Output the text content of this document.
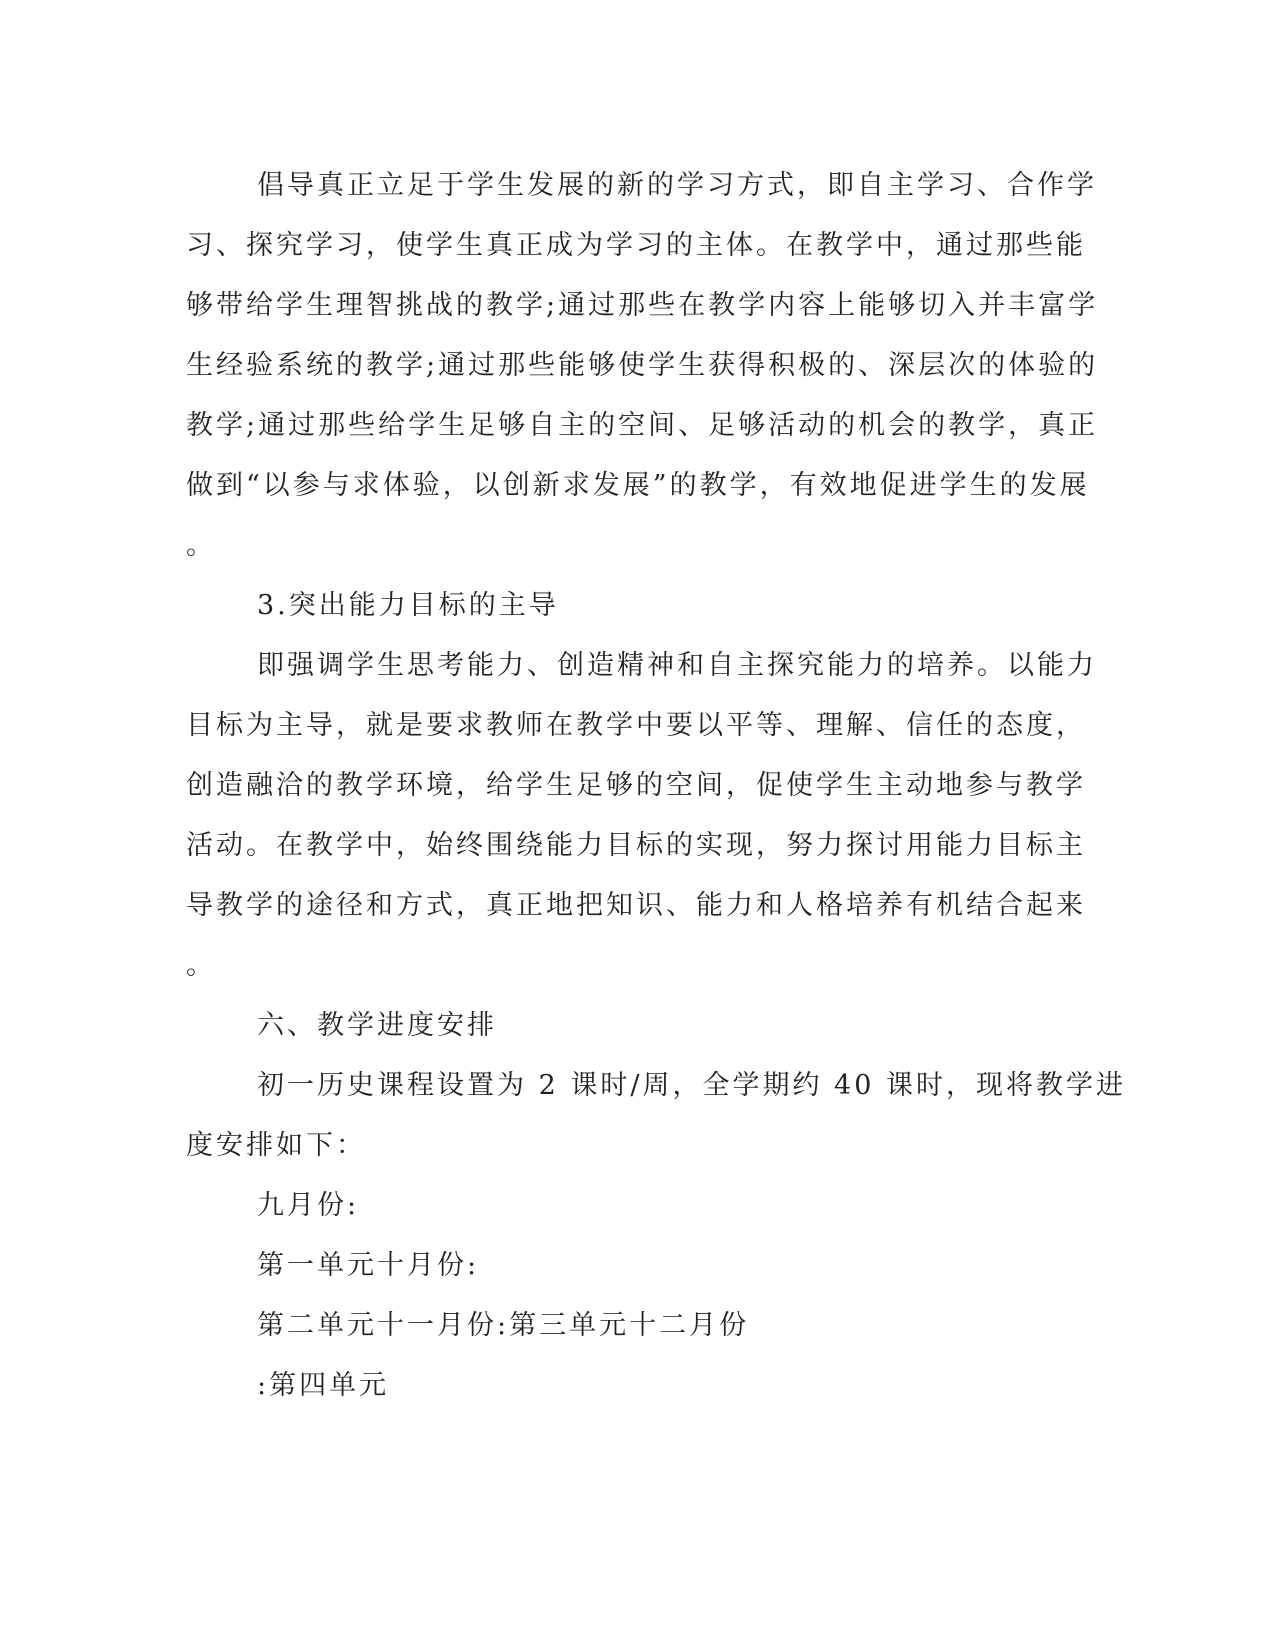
倡导真正立足于学生发展的新的学习方式，即自主学习、合作学
习、探究学习，使学生真正成为学习的主体。在教学中，通过那些能
够带给学生理智挑战的教学;通过那些在教学内容上能够切入并丰富学
生经验系统的教学;通过那些能够使学生获得积极的、深层次的体验的
教学;通过那些给学生足够自主的空间、足够活动的机会的教学，真正
做到“以参与求体验，以创新求发展”的教学，有效地促进学生的发展
。
3.突出能力目标的主导
即强调学生思考能力、创造精神和自主探究能力的培养。以能力
目标为主导，就是要求教师在教学中要以平等、理解、信任的态度，
创造融洽的教学环境，给学生足够的空间，促使学生主动地参与教学
活动。在教学中，始终围绕能力目标的实现，努力探讨用能力目标主
导教学的途径和方式，真正地把知识、能力和人格培养有机结合起来
。
六、教学进度安排
初一历史课程设置为 2 课时/周，全学期约 40 课时，现将教学进
度安排如下：
九月份:
第一单元十月份:
第二单元十一月份:第三单元十二月份
:第四单元
